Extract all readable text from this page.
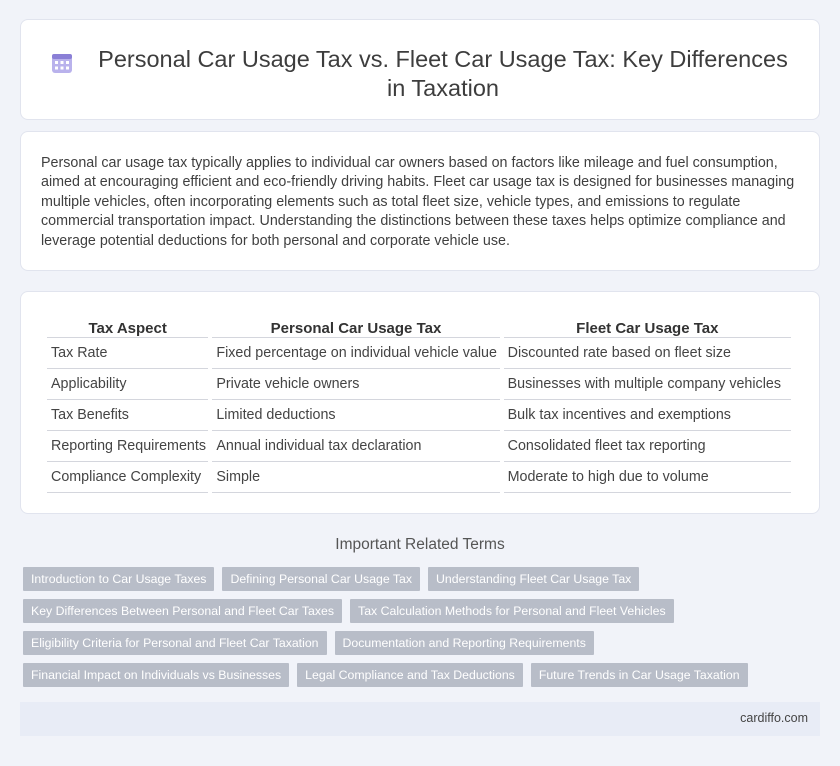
Personal Car Usage Tax vs. Fleet Car Usage Tax: Key Differences in Taxation

Personal car usage tax typically applies to individual car owners based on factors like mileage and fuel consumption, aimed at encouraging efficient and eco-friendly driving habits. Fleet car usage tax is designed for businesses managing multiple vehicles, often incorporating elements such as total fleet size, vehicle types, and emissions to regulate commercial transportation impact. Understanding the distinctions between these taxes helps optimize compliance and leverage potential deductions for both personal and corporate vehicle use.

Tax Aspect	Personal Car Usage Tax	Fleet Car Usage Tax
Tax Rate	Fixed percentage on individual vehicle value	Discounted rate based on fleet size
Applicability	Private vehicle owners	Businesses with multiple company vehicles
Tax Benefits	Limited deductions	Bulk tax incentives and exemptions
Reporting Requirements	Annual individual tax declaration	Consolidated fleet tax reporting
Compliance Complexity	Simple	Moderate to high due to volume
Important Related Terms
Introduction to Car Usage Taxes	Defining Personal Car Usage Tax	Understanding Fleet Car Usage Tax
Key Differences Between Personal and Fleet Car Taxes	Tax Calculation Methods for Personal and Fleet Vehicles
Eligibility Criteria for Personal and Fleet Car Taxation	Documentation and Reporting Requirements
Financial Impact on Individuals vs Businesses	Legal Compliance and Tax Deductions	Future Trends in Car Usage Taxation
cardiffo.com
